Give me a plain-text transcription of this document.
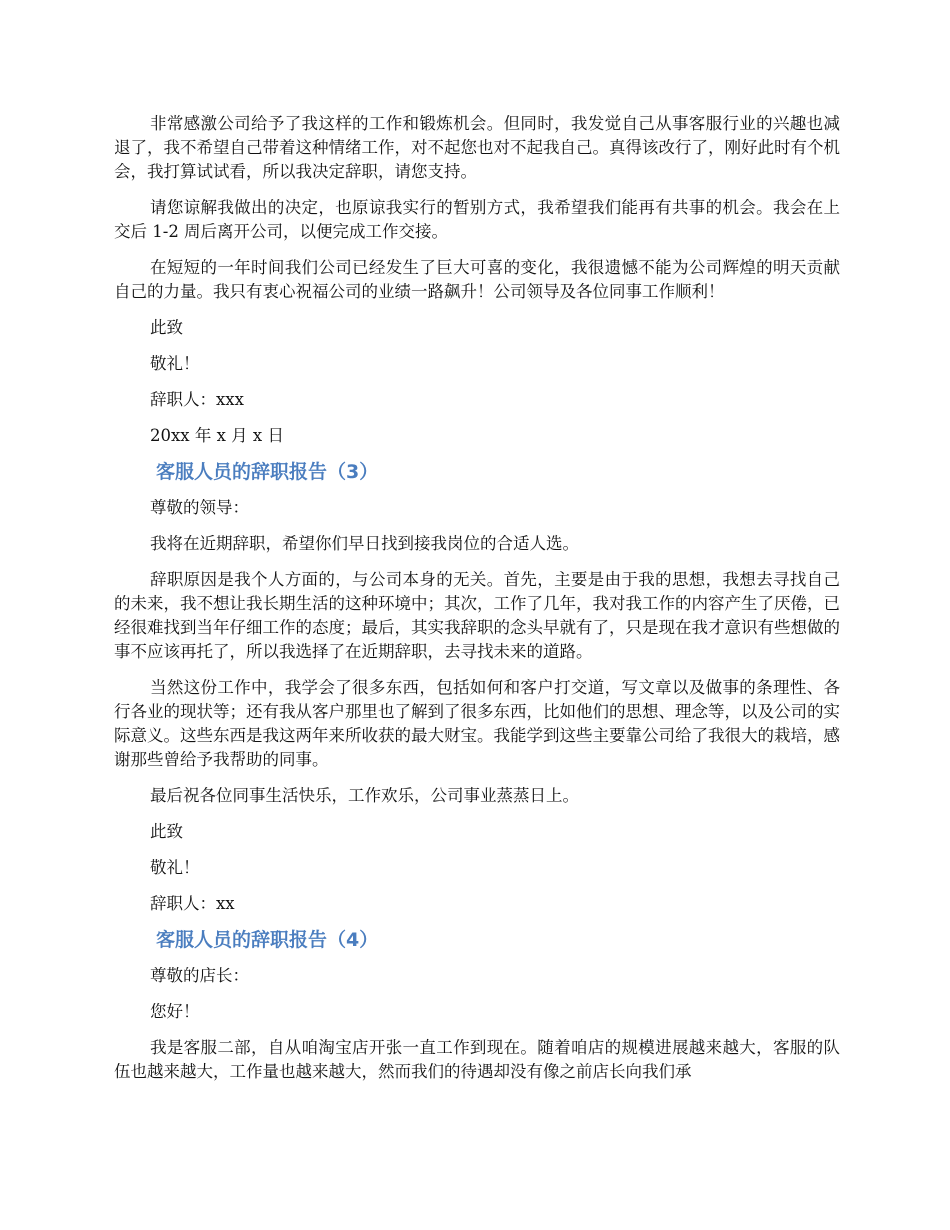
非常感激公司给予了我这样的工作和锻炼机会。但同时，我发觉自己从事客服行业的兴趣也减退了，我不希望自己带着这种情绪工作，对不起您也对不起我自己。真得该改行了，刚好此时有个机会，我打算试试看，所以我决定辞职，请您支持。

请您谅解我做出的决定，也原谅我实行的暂别方式，我希望我们能再有共事的机会。我会在上交后 1-2 周后离开公司，以便完成工作交接。

在短短的一年时间我们公司已经发生了巨大可喜的变化，我很遗憾不能为公司辉煌的明天贡献自己的力量。我只有衷心祝福公司的业绩一路飙升！公司领导及各位同事工作顺利！

此致
敬礼！
辞职人：xxx
20xx 年 x 月 x 日
客服人员的辞职报告（3）
尊敬的领导：

我将在近期辞职，希望你们早日找到接我岗位的合适人选。

辞职原因是我个人方面的，与公司本身的无关。首先，主要是由于我的思想，我想去寻找自己的未来，我不想让我长期生活的这种环境中；其次，工作了几年，我对我工作的内容产生了厌倦，已经很难找到当年仔细工作的态度；最后，其实我辞职的念头早就有了，只是现在我才意识有些想做的事不应该再托了，所以我选择了在近期辞职，去寻找未来的道路。

当然这份工作中，我学会了很多东西，包括如何和客户打交道，写文章以及做事的条理性、各行各业的现状等；还有我从客户那里也了解到了很多东西，比如他们的思想、理念等，以及公司的实际意义。这些东西是我这两年来所收获的最大财宝。我能学到这些主要靠公司给了我很大的栽培，感谢那些曾给予我帮助的同事。

最后祝各位同事生活快乐，工作欢乐，公司事业蒸蒸日上。

此致
敬礼！
辞职人：xx
客服人员的辞职报告（4）
尊敬的店长：
您好！

我是客服二部，自从咱淘宝店开张一直工作到现在。随着咱店的规模进展越来越大，客服的队伍也越来越大，工作量也越来越大，然而我们的待遇却没有像之前店长向我们承
